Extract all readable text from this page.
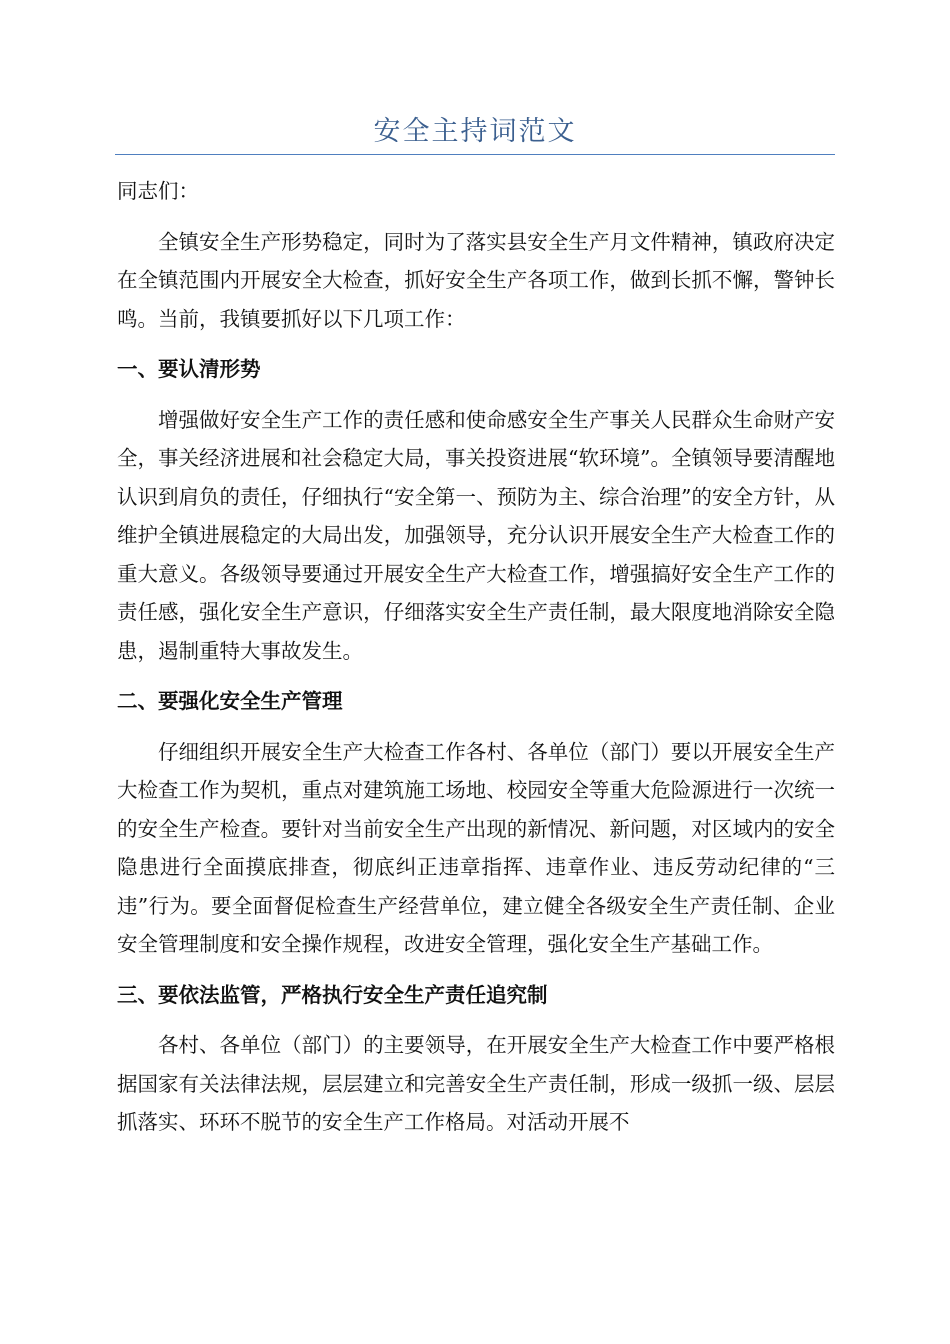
安全主持词范文

同志们：

全镇安全生产形势稳定，同时为了落实县安全生产月文件精神，镇政府决定在全镇范围内开展安全大检查，抓好安全生产各项工作，做到长抓不懈，警钟长鸣。当前，我镇要抓好以下几项工作：

一、要认清形势

增强做好安全生产工作的责任感和使命感安全生产事关人民群众生命财产安全，事关经济进展和社会稳定大局，事关投资进展“软环境”。全镇领导要清醒地认识到肩负的责任，仔细执行“安全第一、预防为主、综合治理”的安全方针，从维护全镇进展稳定的大局出发，加强领导，充分认识开展安全生产大检查工作的重大意义。各级领导要通过开展安全生产大检查工作，增强搞好安全生产工作的责任感，强化安全生产意识，仔细落实安全生产责任制，最大限度地消除安全隐患，遏制重特大事故发生。

二、要强化安全生产管理

仔细组织开展安全生产大检查工作各村、各单位（部门）要以开展安全生产大检查工作为契机，重点对建筑施工场地、校园安全等重大危险源进行一次统一的安全生产检查。要针对当前安全生产出现的新情况、新问题，对区域内的安全隐患进行全面摸底排查，彻底纠正违章指挥、违章作业、违反劳动纪律的“三违”行为。要全面督促检查生产经营单位，建立健全各级安全生产责任制、企业安全管理制度和安全操作规程，改进安全管理，强化安全生产基础工作。

三、要依法监管，严格执行安全生产责任追究制

各村、各单位（部门）的主要领导，在开展安全生产大检查工作中要严格根据国家有关法律法规，层层建立和完善安全生产责任制，形成一级抓一级、层层抓落实、环环不脱节的安全生产工作格局。对活动开展不
